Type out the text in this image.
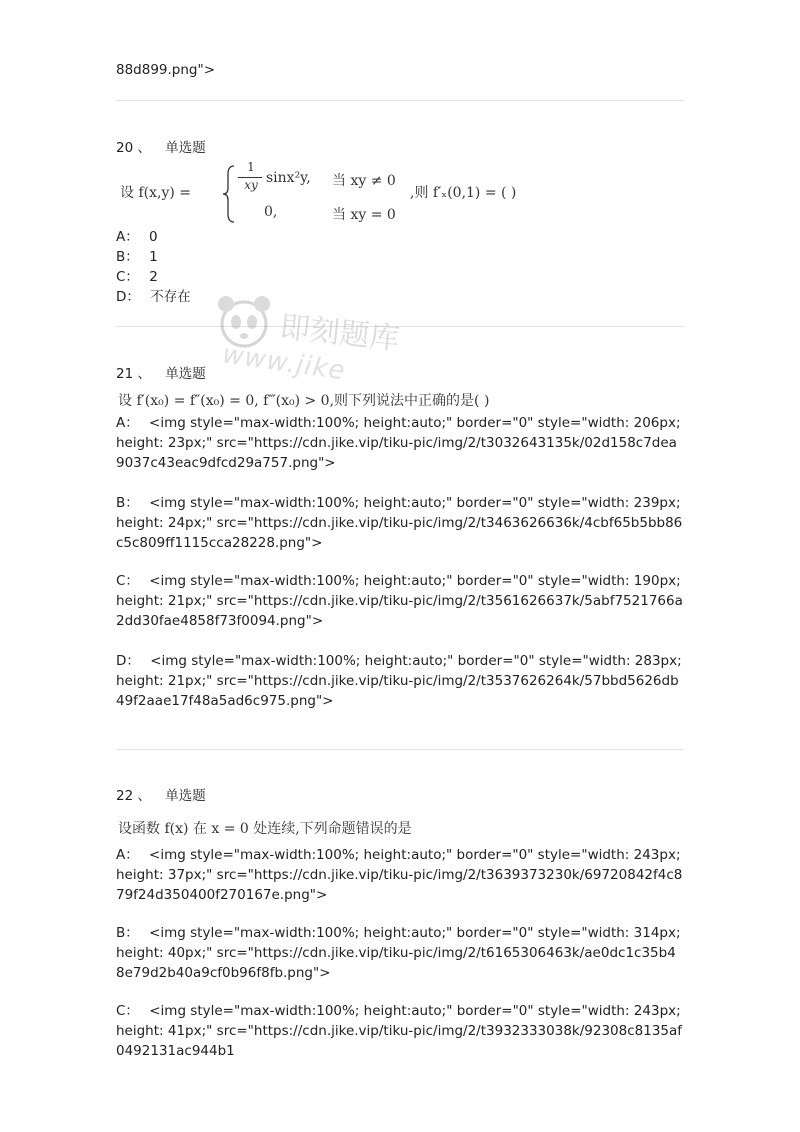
88d899.png">
20 、 单选题
设 f(x,y) =
1
xy sinx²y, 当 xy ≠ 0
0,	当 xy = 0
,则 f′ₓ(0,1) = ( )
A： 0
B： 1
C： 2
D： 不存在
21 、 单选题
设 f′(x₀) = f″(x₀) = 0, f‴(x₀) > 0,则下列说法中正确的是( )
A： <img style="max-width:100%; height:auto;" border="0" style="width: 206px; height: 23px;" src="https://cdn.jike.vip/tiku-pic/img/2/t3032643135k/02d158c7dea9037c43eac9dfcd29a757.png">
B： <img style="max-width:100%; height:auto;" border="0" style="width: 239px; height: 24px;" src="https://cdn.jike.vip/tiku-pic/img/2/t3463626636k/4cbf65b5bb86c5c809ff1115cca28228.png">
C： <img style="max-width:100%; height:auto;" border="0" style="width: 190px; height: 21px;" src="https://cdn.jike.vip/tiku-pic/img/2/t3561626637k/5abf7521766a2dd30fae4858f73f0094.png">
D： <img style="max-width:100%; height:auto;" border="0" style="width: 283px; height: 21px;" src="https://cdn.jike.vip/tiku-pic/img/2/t3537626264k/57bbd5626db49f2aae17f48a5ad6c975.png">
22 、 单选题
设函数 f(x) 在 x = 0 处连续,下列命题错误的是
A： <img style="max-width:100%; height:auto;" border="0" style="width: 243px; height: 37px;" src="https://cdn.jike.vip/tiku-pic/img/2/t3639373230k/69720842f4c879f24d350400f270167e.png">
B： <img style="max-width:100%; height:auto;" border="0" style="width: 314px; height: 40px;" src="https://cdn.jike.vip/tiku-pic/img/2/t6165306463k/ae0dc1c35b48e79d2b40a9cf0b96f8fb.png">
C： <img style="max-width:100%; height:auto;" border="0" style="width: 243px; height: 41px;" src="https://cdn.jike.vip/tiku-pic/img/2/t3932333038k/92308c8135af0492131ac944b1
即刻题库
www.jike
